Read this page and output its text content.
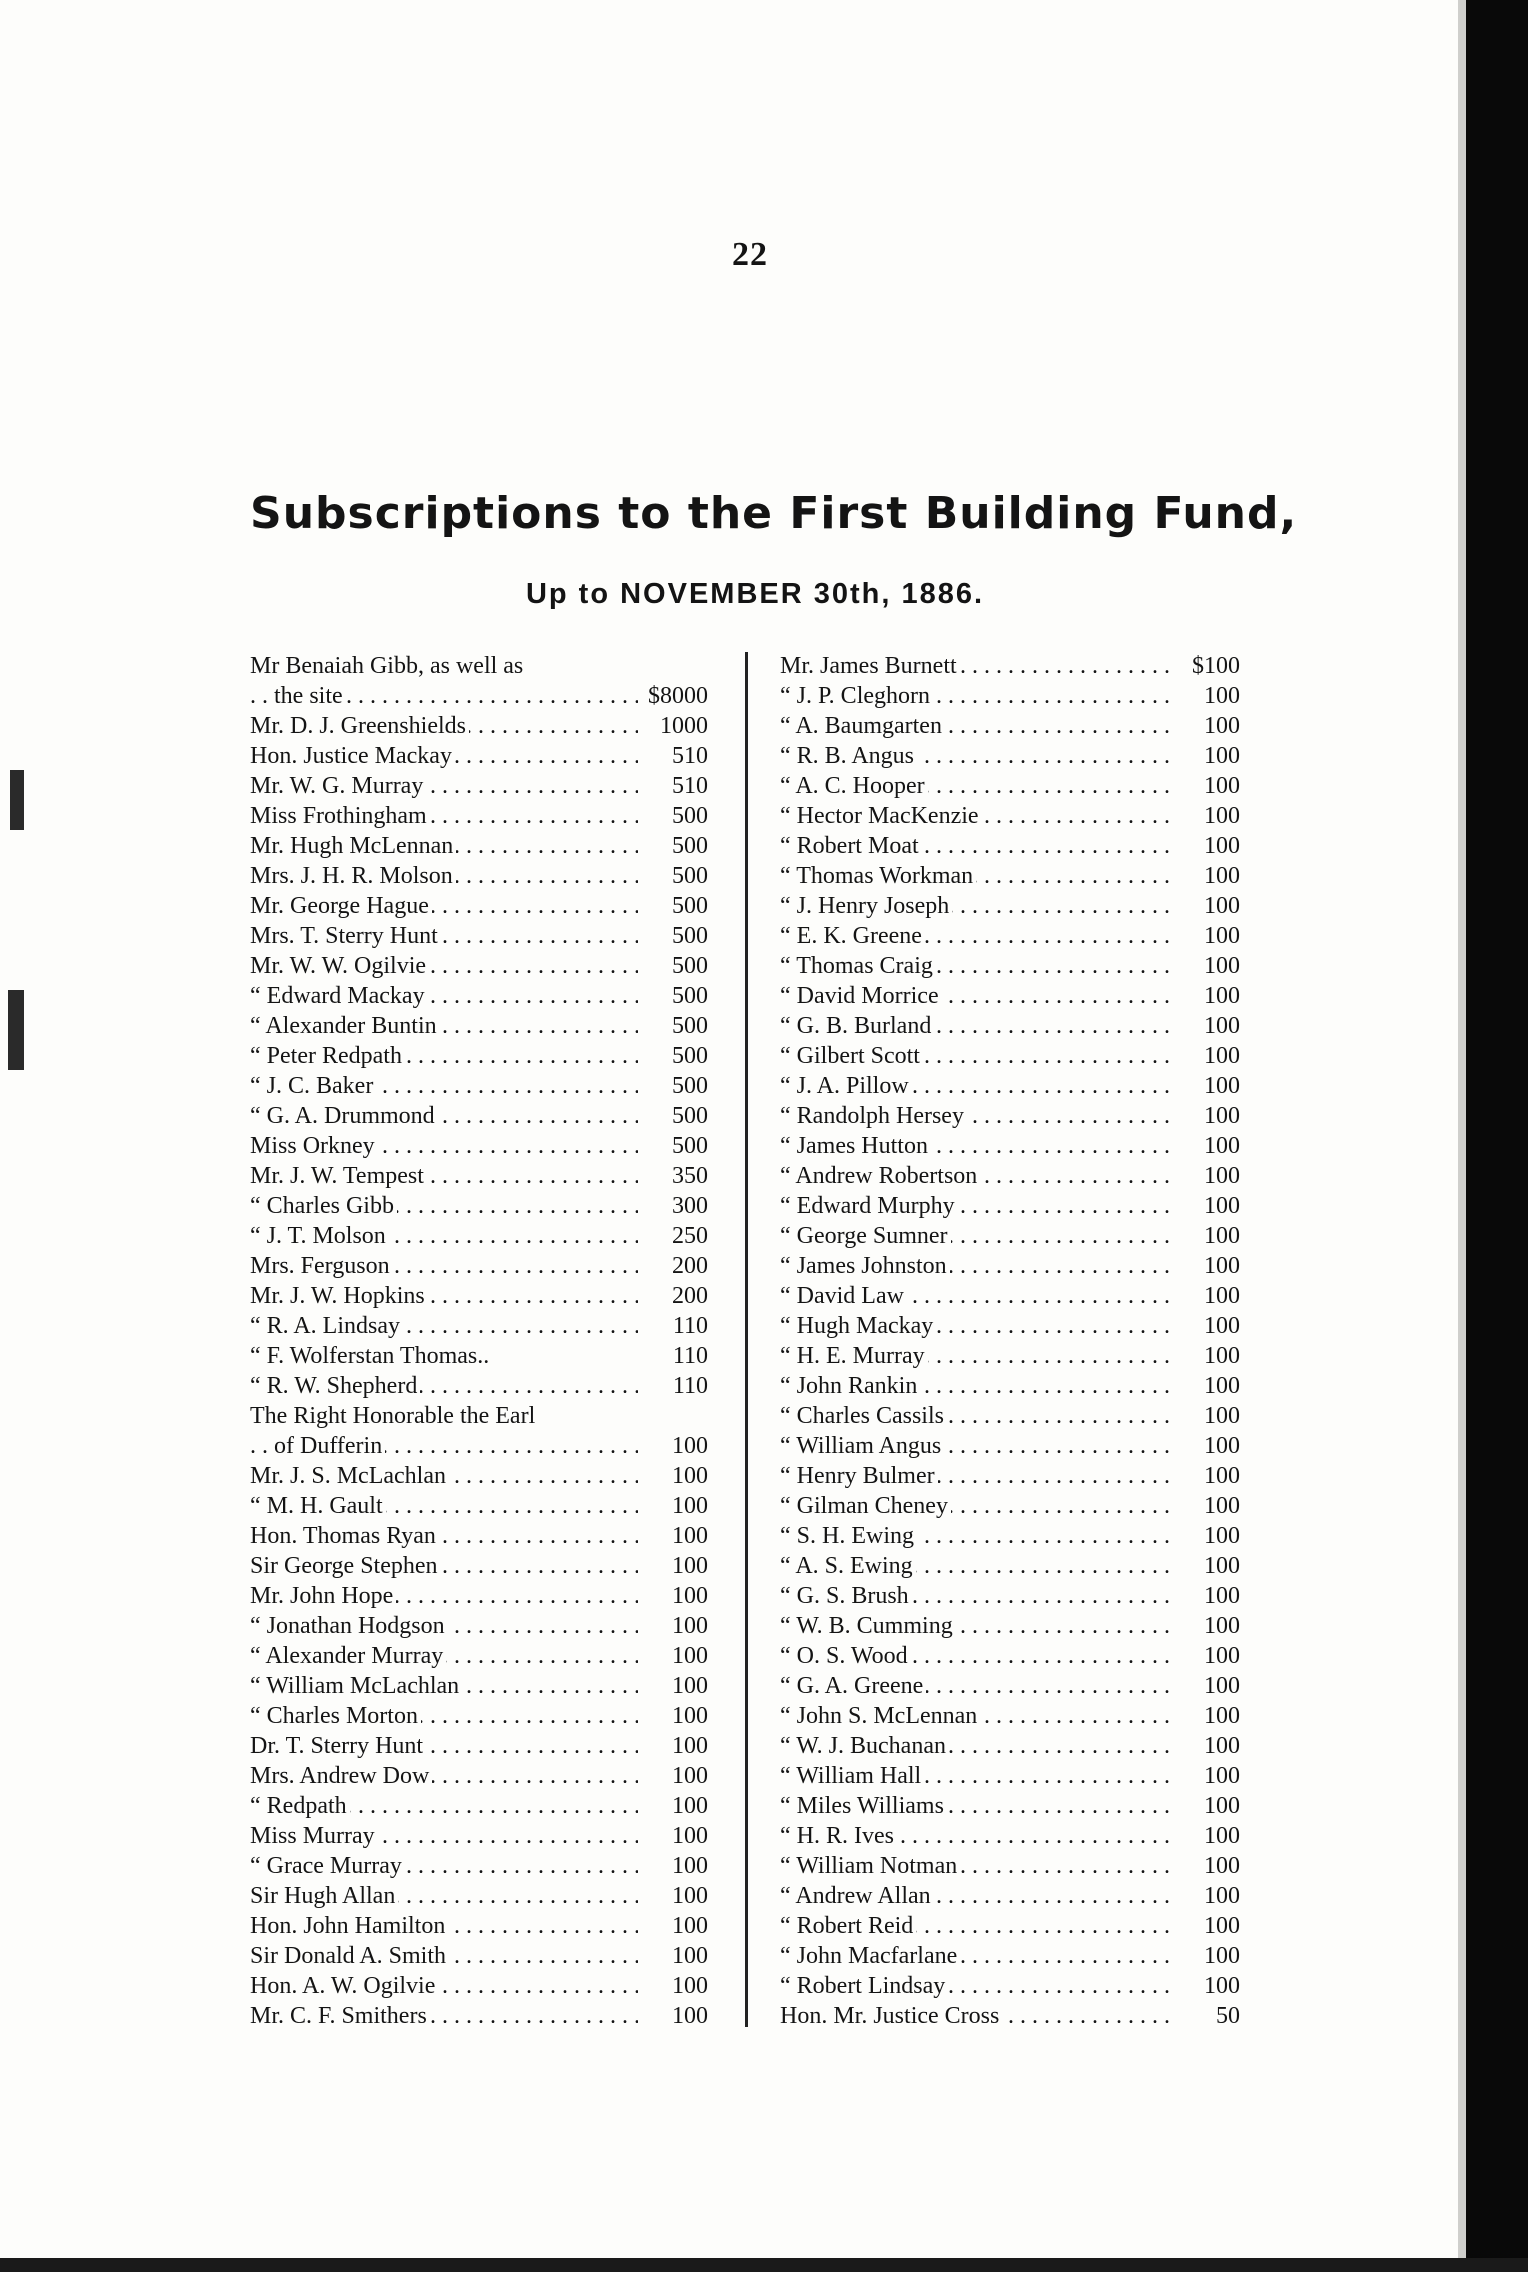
22
Subscriptions to the First Building Fund,
Up to NOVEMBER 30th, 1886.
Mr Benaiah Gibb, as well as
the site . . .	$8000
Mr. D. J. Greenshields . . .	1000
Hon. Justice Mackay . . .	510
Mr. W. G. Murray . . .	510
Miss Frothingham . . .	500
Mr. Hugh McLennan . . .	500
Mrs. J. H. R. Molson . . .	500
Mr. George Hague . . .	500
Mrs. T. Sterry Hunt . . .	500
Mr. W. W. Ogilvie . . .	500
“ Edward Mackay . . .	500
“ Alexander Buntin . . .	500
“ Peter Redpath . . .	500
“ J. C. Baker . . .	500
“ G. A. Drummond . . .	500
Miss Orkney . . .	500
Mr. J. W. Tempest . . .	350
“ Charles Gibb . . .	300
“ J. T. Molson . . .	250
Mrs. Ferguson . . .	200
Mr. J. W. Hopkins . . .	200
“ R. A. Lindsay . . .	110
“ F. Wolferstan Thomas..	110
“ R. W. Shepherd . . .	110
The Right Honorable the Earl
of Dufferin . . .	100
Mr. J. S. McLachlan . . .	100
“ M. H. Gault . . .	100
Hon. Thomas Ryan . . .	100
Sir George Stephen . . .	100
Mr. John Hope . . .	100
“ Jonathan Hodgson . . .	100
“ Alexander Murray . . .	100
“ William McLachlan . . .	100
“ Charles Morton . . .	100
Dr. T. Sterry Hunt . . .	100
Mrs. Andrew Dow . . .	100
“ Redpath . . .	100
Miss Murray . . .	100
“ Grace Murray . . .	100
Sir Hugh Allan . . .	100
Hon. John Hamilton . . .	100
Sir Donald A. Smith . . .	100
Hon. A. W. Ogilvie . . .	100
Mr. C. F. Smithers . . .	100
Mr. James Burnett . . .	$100
“ J. P. Cleghorn . . .	100
“ A. Baumgarten . . .	100
“ R. B. Angus . . .	100
“ A. C. Hooper . . .	100
“ Hector MacKenzie . . .	100
“ Robert Moat . . .	100
“ Thomas Workman . . .	100
“ J. Henry Joseph . . .	100
“ E. K. Greene . . .	100
“ Thomas Craig . . .	100
“ David Morrice . . .	100
“ G. B. Burland . . .	100
“ Gilbert Scott . . .	100
“ J. A. Pillow . . .	100
“ Randolph Hersey . . .	100
“ James Hutton . . .	100
“ Andrew Robertson . . .	100
“ Edward Murphy . . .	100
“ George Sumner . . .	100
“ James Johnston . . .	100
“ David Law . . .	100
“ Hugh Mackay . . .	100
“ H. E. Murray . . .	100
“ John Rankin . . .	100
“ Charles Cassils . . .	100
“ William Angus . . .	100
“ Henry Bulmer . . .	100
“ Gilman Cheney . . .	100
“ S. H. Ewing . . .	100
“ A. S. Ewing . . .	100
“ G. S. Brush . . .	100
“ W. B. Cumming . . .	100
“ O. S. Wood . . .	100
“ G. A. Greene . . .	100
“ John S. McLennan . . .	100
“ W. J. Buchanan . . .	100
“ William Hall . . .	100
“ Miles Williams . . .	100
“ H. R. Ives . . .	100
“ William Notman . . .	100
“ Andrew Allan . . .	100
“ Robert Reid . . .	100
“ John Macfarlane . . .	100
“ Robert Lindsay . . .	100
Hon. Mr. Justice Cross . . .	50
